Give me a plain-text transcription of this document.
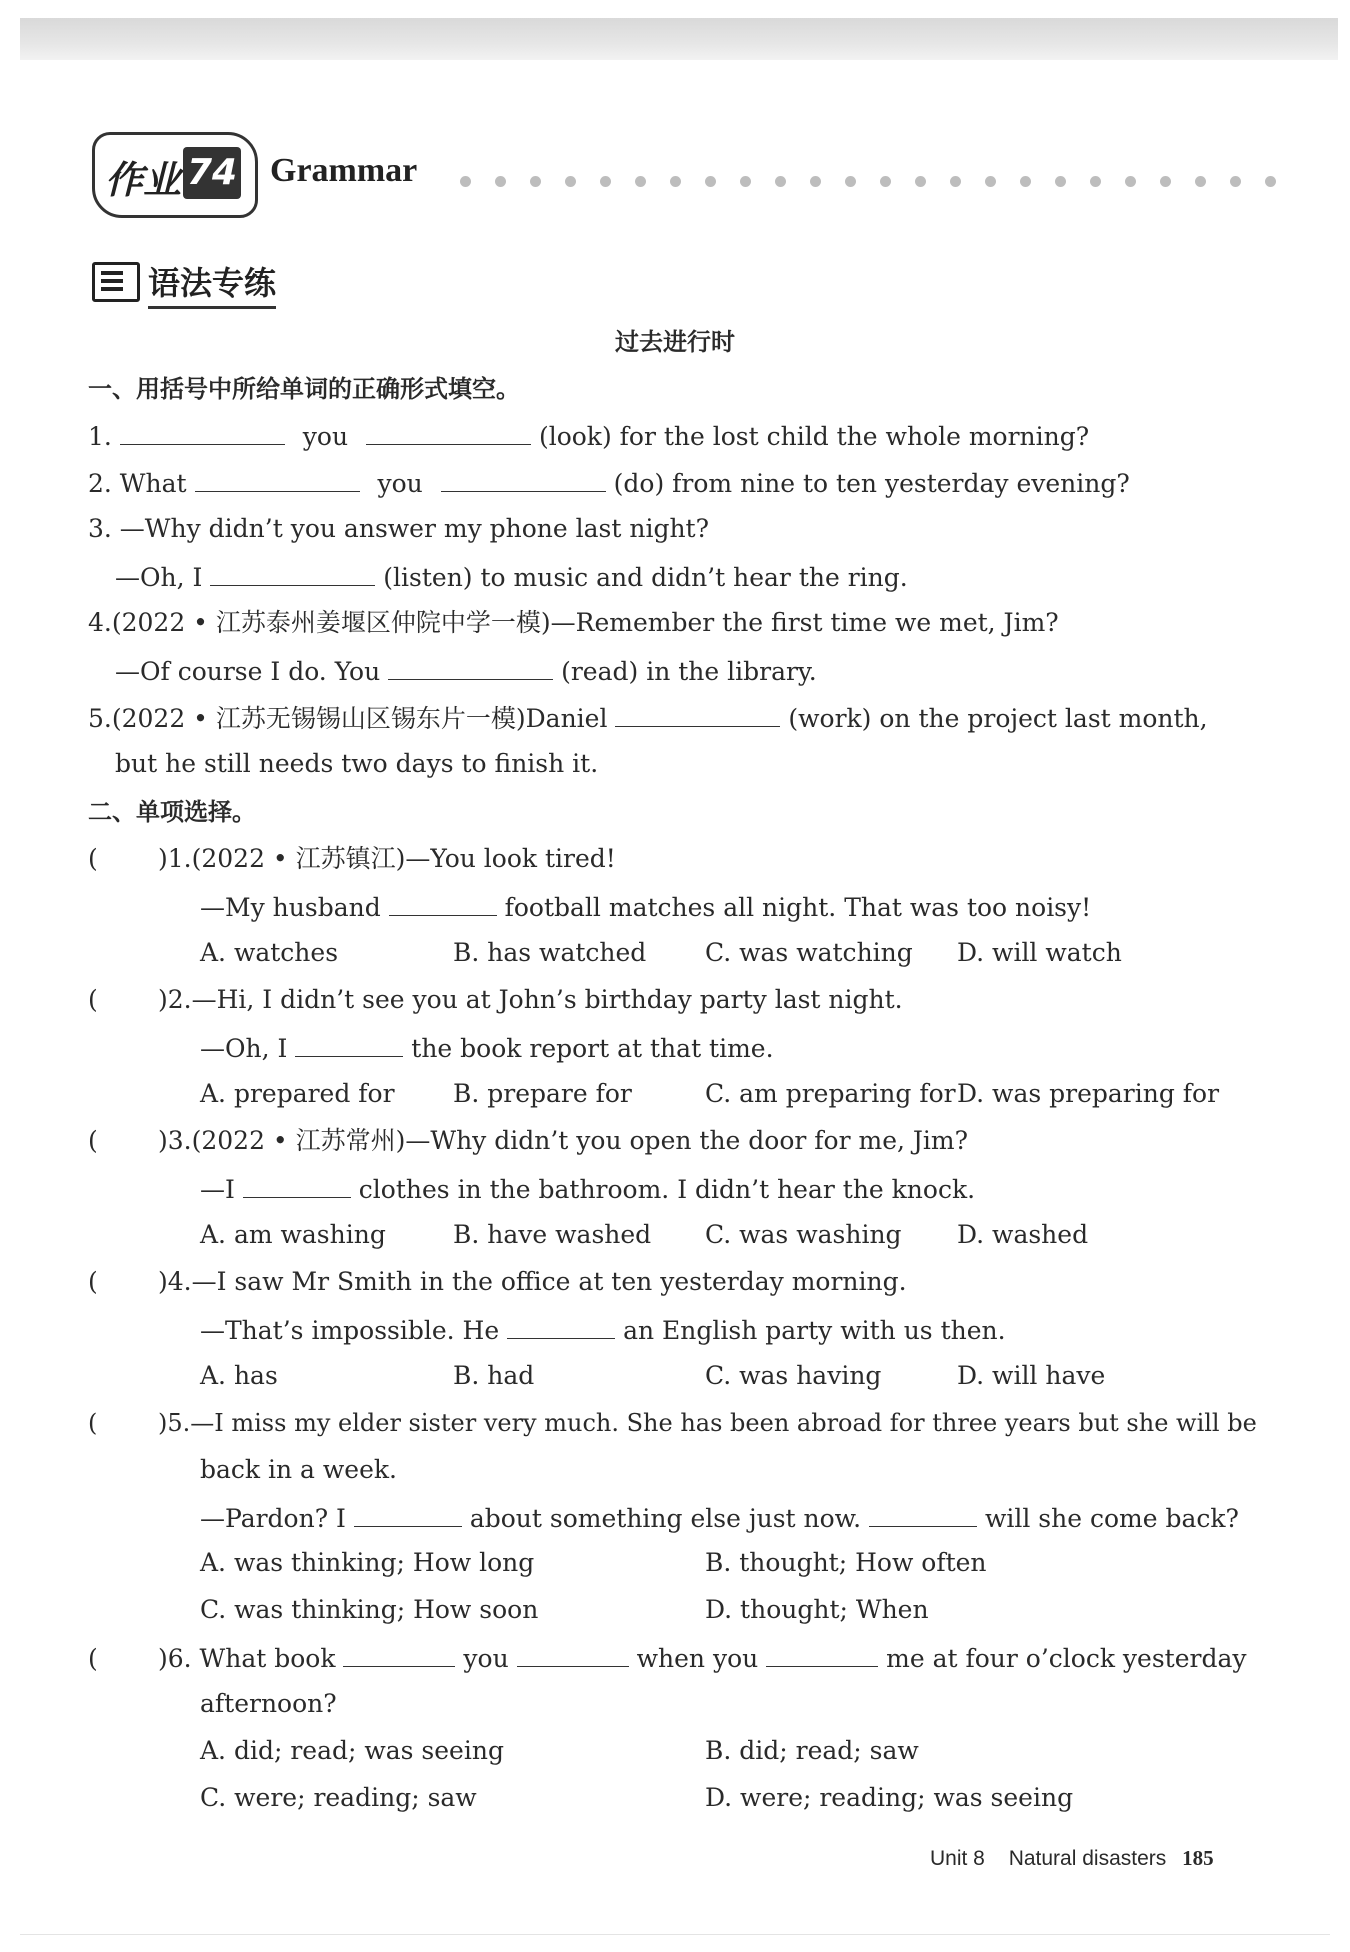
作业 74 Grammar
语法专练
过去进行时
一、用括号中所给单词的正确形式填空。
1.	you	(look) for the lost child the whole morning?
2. What	you	(do) from nine to ten yesterday evening?
3. —Why didn’t you answer my phone last night?
—Oh, I	(listen) to music and didn’t hear the ring.
4.(2022 • 江苏泰州姜堰区仲院中学一模)—Remember the first time we met, Jim?
—Of course I do. You	(read) in the library.
5.(2022 • 江苏无锡锡山区锡东片一模)Daniel	(work) on the project last month,
but he still needs two days to finish it.
二、单项选择。
( )1.(2022 • 江苏镇江)—You look tired!
—My husband	football matches all night. That was too noisy!
A. watches	B. has watched C. was watching D. will watch
( )2.—Hi, I didn’t see you at John’s birthday party last night.
—Oh, I	the book report at that time.
A. prepared for B. prepare for	C. am preparing for D. was preparing for
( )3.(2022 • 江苏常州)—Why didn’t you open the door for me, Jim?
—I	clothes in the bathroom. I didn’t hear the knock.
A. am washing	B. have washed C. was washing D. washed
( )4.—I saw Mr Smith in the office at ten yesterday morning.
—That’s impossible. He	an English party with us then.
A. has	B. had	C. was having	D. will have
(	)5.—I miss my elder sister very much. She has been abroad for three years but she will be
back in a week.
—Pardon? I	about something else just now.	will she come back?
A. was thinking; How long	B. thought; How often
C. was thinking; How soon	D. thought; When
( )6. What book	you	when you	me at four o’clock yesterday
afternoon?
A. did; read; was seeing	B. did; read; saw
C. were; reading; saw	D. were; reading; was seeing
Unit 8 Natural disasters 185
